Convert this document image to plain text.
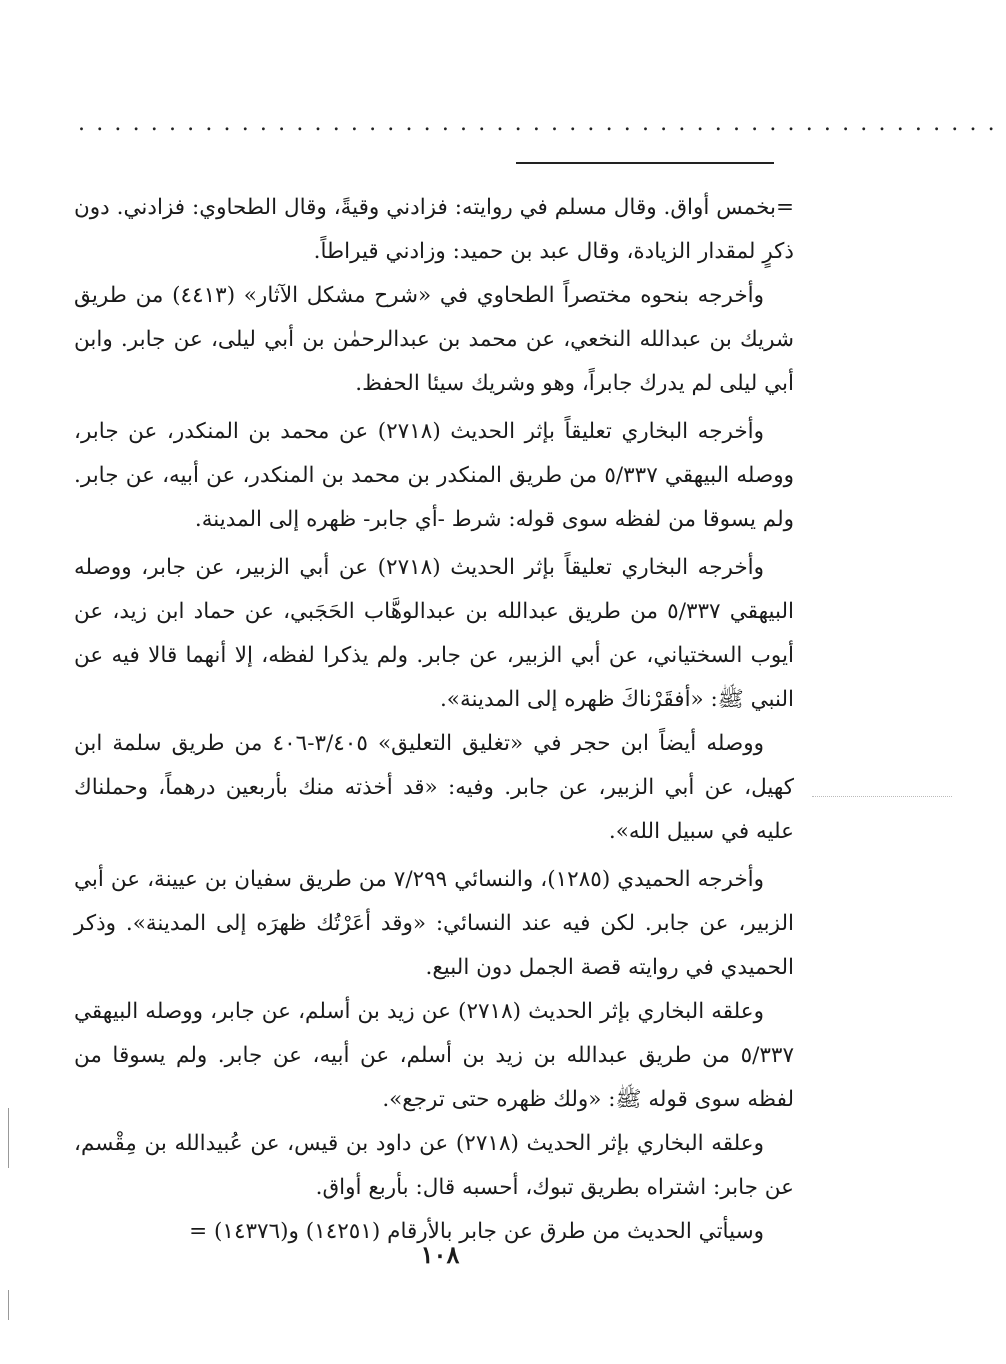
...................................................

=بخمس أواق. وقال مسلم في روايته: فزادني وقيةً، وقال الطحاوي: فزادني. دون ذكرٍ لمقدار الزيادة، وقال عبد بن حميد: وزادني قيراطاً.

وأخرجه بنحوه مختصراً الطحاوي في «شرح مشكل الآثار» (٤٤١٣) من طريق شريك بن عبدالله النخعي، عن محمد بن عبدالرحمٰن بن أبي ليلى، عن جابر. وابن أبي ليلى لم يدرك جابراً، وهو وشريك سيئا الحفظ.

وأخرجه البخاري تعليقاً بإثر الحديث (٢٧١٨) عن محمد بن المنكدر، عن جابر، ووصله البيهقي ٥/٣٣٧ من طريق المنكدر بن محمد بن المنكدر، عن أبيه، عن جابر. ولم يسوقا من لفظه سوى قوله: شرط -أي جابر- ظهره إلى المدينة.

وأخرجه البخاري تعليقاً بإثر الحديث (٢٧١٨) عن أبي الزبير، عن جابر، ووصله البيهقي ٥/٣٣٧ من طريق عبدالله بن عبدالوهَّاب الحَجَبي، عن حماد ابن زيد، عن أيوب السختياني، عن أبي الزبير، عن جابر. ولم يذكرا لفظه، إلا أنهما قالا فيه عن النبي ﷺ: «أفقَرْناكَ ظهره إلى المدينة».

ووصله أيضاً ابن حجر في «تغليق التعليق» ٣/٤٠٥-٤٠٦ من طريق سلمة ابن كهيل، عن أبي الزبير، عن جابر. وفيه: «قد أخذته منك بأربعين درهماً، وحملناك عليه في سبيل الله».

وأخرجه الحميدي (١٢٨٥)، والنسائي ٧/٢٩٩ من طريق سفيان بن عيينة، عن أبي الزبير، عن جابر. لكن فيه عند النسائي: «وقد أعَرْتُك ظهرَه إلى المدينة». وذكر الحميدي في روايته قصة الجمل دون البيع.

وعلقه البخاري بإثر الحديث (٢٧١٨) عن زيد بن أسلم، عن جابر، ووصله البيهقي ٥/٣٣٧ من طريق عبدالله بن زيد بن أسلم، عن أبيه، عن جابر. ولم يسوقا من لفظه سوى قوله ﷺ: «ولك ظهره حتى ترجع».

وعلقه البخاري بإثر الحديث (٢٧١٨) عن داود بن قيس، عن عُبيدالله بن مِقْسم، عن جابر: اشتراه بطريق تبوك، أحسبه قال: بأربع أواق.

وسيأتي الحديث من طرق عن جابر بالأرقام (١٤٢٥١) و(١٤٣٧٦) =

١٠٨
